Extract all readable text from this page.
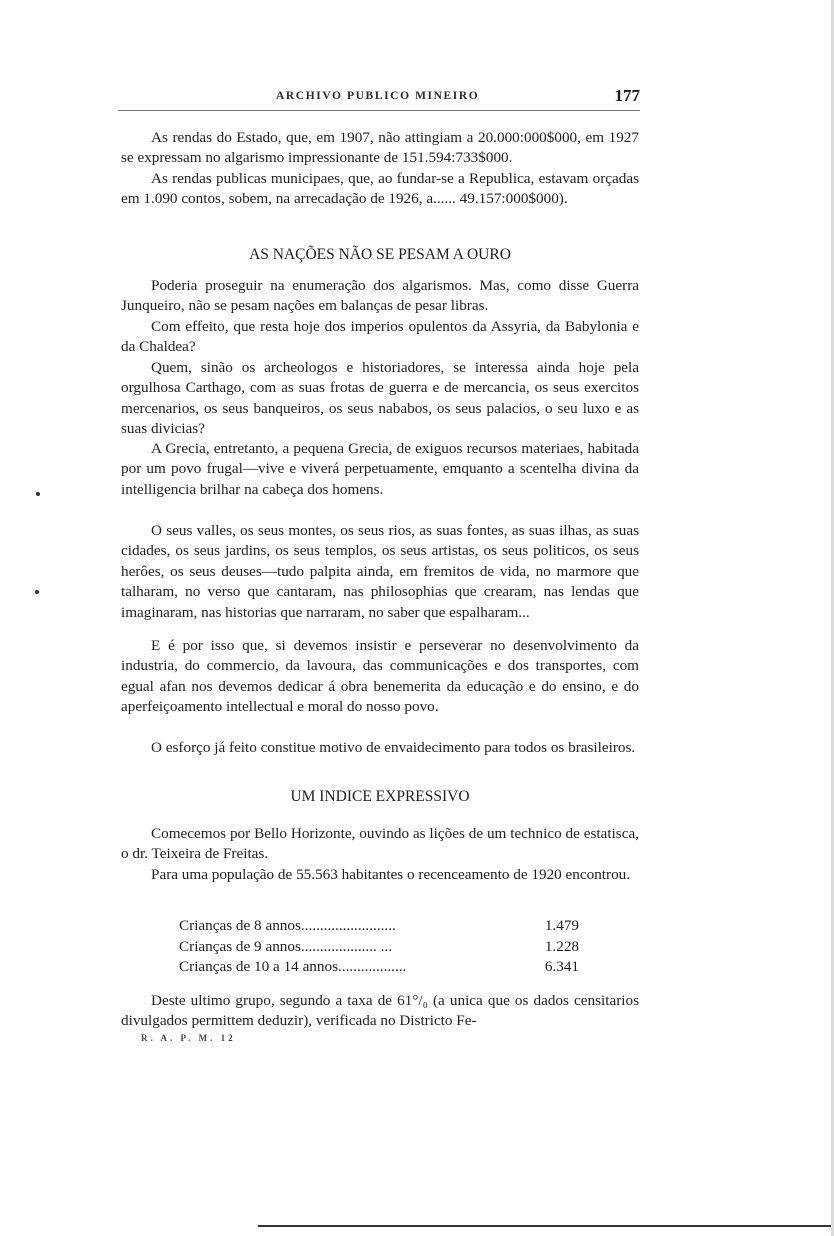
ARCHIVO PUBLICO MINEIRO	177

As rendas do Estado, que, em 1907, não attingiam a 20.000:000$000, em 1927 se expressam no algarismo impressionante de 151.594:733$000.

As rendas publicas municipaes, que, ao fundar-se a Republica, estavam orçadas em 1.090 contos, sobem, na arrecadação de 1926, a...... 49.157:000$000).

AS NAÇÕES NÃO SE PESAM A OURO

Poderia proseguir na enumeração dos algarismos. Mas, como disse Guerra Junqueiro, não se pesam nações em balanças de pesar libras.

Com effeito, que resta hoje dos imperios opulentos da Assyria, da Babylonia e da Chaldea?

Quem, sinão os archeologos e historiadores, se interessa ainda hoje pela orgulhosa Carthago, com as suas frotas de guerra e de mercancia, os seus exercitos mercenarios, os seus banqueiros, os seus nababos, os seus palacios, o seu luxo e as suas divicias?

A Grecia, entretanto, a pequena Grecia, de exiguos recursos materiaes, habitada por um povo frugal—vive e viverá perpetuamente, emquanto a scentelha divina da intelligencia brilhar na cabeça dos homens.

O seus valles, os seus montes, os seus rios, as suas fontes, as suas ilhas, as suas cidades, os seus jardins, os seus templos, os seus artistas, os seus politicos, os seus herôes, os seus deuses—tudo palpita ainda, em fremitos de vida, no marmore que talharam, no verso que cantaram, nas philosophias que crearam, nas lendas que imaginaram, nas historias que narraram, no saber que espalharam...

E é por isso que, si devemos insistir e perseverar no desenvolvimento da industria, do commercio, da lavoura, das communicações e dos transportes, com egual afan nos devemos dedicar á obra benemerita da educação e do ensino, e do aperfeiçoamento intellectual e moral do nosso povo.

O esforço já feito constitue motivo de envaidecimento para todos os brasileiros.

UM INDICE EXPRESSIVO

Comecemos por Bello Horizonte, ouvindo as lições de um technico de estatisca, o dr. Teixeira de Freitas.

Para uma população de 55.563 habitantes o recenceamento de 1920 encontrou.

Crianças de 8 annos.........................	1.479
Crianças de 9 annos.................... ...	1.228
Crianças de 10 a 14 annos..................	6.341

Deste ultimo grupo, segundo a taxa de 61°/₀ (a unica que os dados censitarios divulgados permittem deduzir), verificada no Districto Fe-

R. A. P. M. 12
